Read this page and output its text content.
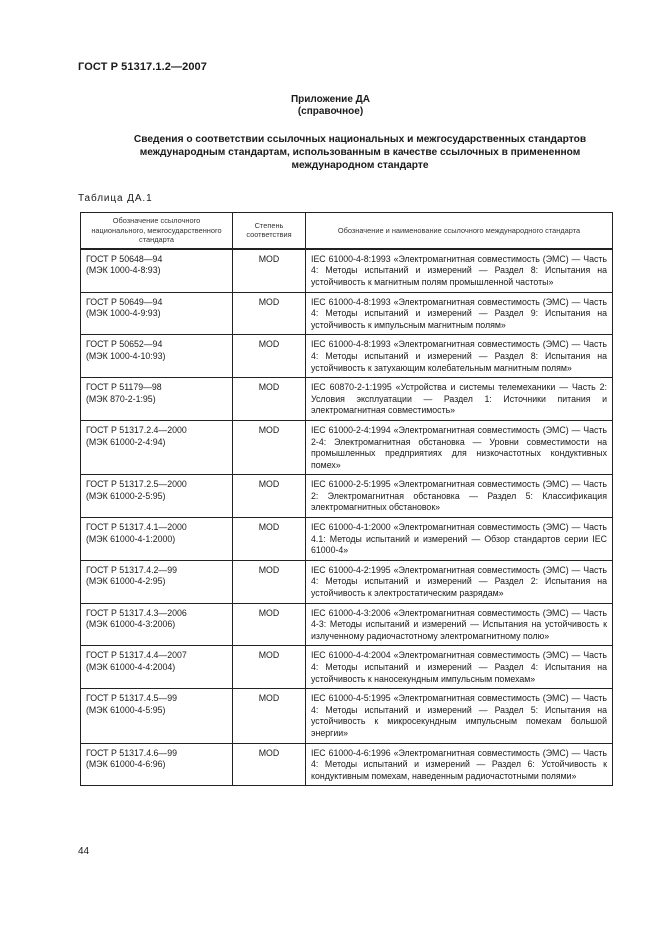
ГОСТ Р 51317.1.2—2007
Приложение ДА
(справочное)
Сведения о соответствии ссылочных национальных и межгосударственных стандартов
международным стандартам, использованным в качестве ссылочных в примененном
международном стандарте
Таблица ДА.1
Обозначение ссылочного национального, межгосударственного стандарта	Степень соответствия	Обозначение и наименование ссылочного международного стандарта

ГОСТ Р 50648—94
(МЭК 1000-4-8:93)	MOD	IEC 61000-4-8:1993 «Электромагнитная совместимость (ЭМС) — Часть 4: Методы испытаний и измерений — Раздел 8: Испытания на устойчивость к магнитным полям промышленной частоты»

ГОСТ Р 50649—94
(МЭК 1000-4-9:93)	MOD	IEC 61000-4-8:1993 «Электромагнитная совместимость (ЭМС) — Часть 4: Методы испытаний и измерений — Раздел 9: Испытания на устойчивость к импульсным магнитным полям»

ГОСТ Р 50652—94
(МЭК 1000-4-10:93)	MOD	IEC 61000-4-8:1993 «Электромагнитная совместимость (ЭМС) — Часть 4: Методы испытаний и измерений — Раздел 8: Испытания на устойчивость к затухающим колебательным магнитным полям»

ГОСТ Р 51179—98
(МЭК 870-2-1:95)	MOD	IEC 60870-2-1:1995 «Устройства и системы телемеханики — Часть 2: Условия эксплуатации — Раздел 1: Источники питания и электромагнитная совместимость»

ГОСТ Р 51317.2.4—2000
(МЭК 61000-2-4:94)	MOD	IEC 61000-2-4:1994 «Электромагнитная совместимость (ЭМС) — Часть 2-4: Электромагнитная обстановка — Уровни совместимости на промышленных предприятиях для низкочастотных кондуктивных помех»

ГОСТ Р 51317.2.5—2000
(МЭК 61000-2-5:95)	MOD	IEC 61000-2-5:1995 «Электромагнитная совместимость (ЭМС) — Часть 2: Электромагнитная обстановка — Раздел 5: Классификация электромагнитных обстановок»

ГОСТ Р 51317.4.1—2000
(МЭК 61000-4-1:2000)	MOD	IEC 61000-4-1:2000 «Электромагнитная совместимость (ЭМС) — Часть 4.1: Методы испытаний и измерений — Обзор стандартов серии IEC 61000-4»

ГОСТ Р 51317.4.2—99
(МЭК 61000-4-2:95)	MOD	IEC 61000-4-2:1995 «Электромагнитная совместимость (ЭМС) — Часть 4: Методы испытаний и измерений — Раздел 2: Испытания на устойчивость к электростатическим разрядам»

ГОСТ Р 51317.4.3—2006
(МЭК 61000-4-3:2006)	MOD	IEC 61000-4-3:2006 «Электромагнитная совместимость (ЭМС) — Часть 4-3: Методы испытаний и измерений — Испытания на устойчивость к излученному радиочастотному электромагнитному полю»

ГОСТ Р 51317.4.4—2007
(МЭК 61000-4-4:2004)	MOD	IEC 61000-4-4:2004 «Электромагнитная совместимость (ЭМС) — Часть 4: Методы испытаний и измерений — Раздел 4: Испытания на устойчивость к наносекундным импульсным помехам»

ГОСТ Р 51317.4.5—99
(МЭК 61000-4-5:95)	MOD	IEC 61000-4-5:1995 «Электромагнитная совместимость (ЭМС) — Часть 4: Методы испытаний и измерений — Раздел 5: Испытания на устойчивость к микросекундным импульсным помехам большой энергии»

ГОСТ Р 51317.4.6—99
(МЭК 61000-4-6:96)	MOD	IEC 61000-4-6:1996 «Электромагнитная совместимость (ЭМС) — Часть 4: Методы испытаний и измерений — Раздел 6: Устойчивость к кондуктивным помехам, наведенным радиочастотными полями»
44
